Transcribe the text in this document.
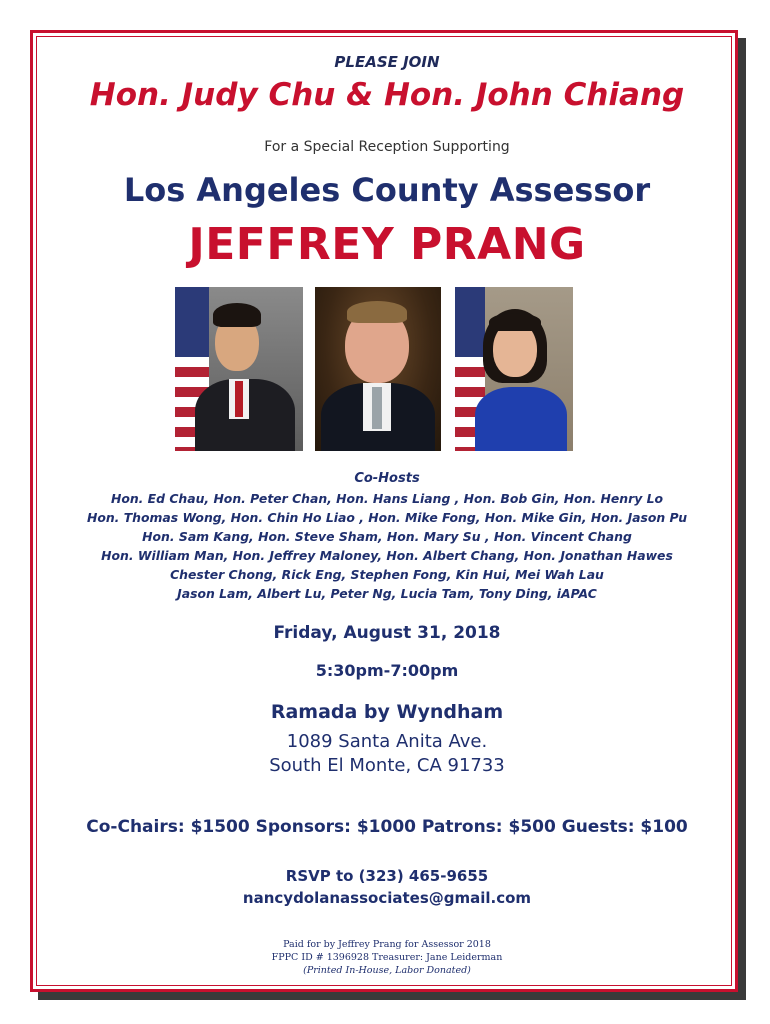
PLEASE JOIN
Hon. Judy Chu & Hon. John Chiang
For a Special Reception Supporting
Los Angeles County Assessor
JEFFREY PRANG
Co-Hosts
Hon. Ed Chau, Hon. Peter Chan, Hon. Hans Liang , Hon. Bob Gin, Hon. Henry Lo
Hon. Thomas Wong, Hon. Chin Ho Liao , Hon. Mike Fong, Hon. Mike Gin, Hon. Jason Pu
Hon. Sam Kang, Hon. Steve Sham, Hon. Mary Su , Hon. Vincent Chang
Hon. William Man, Hon. Jeffrey Maloney, Hon. Albert Chang, Hon. Jonathan Hawes
Chester Chong, Rick Eng, Stephen Fong, Kin Hui, Mei Wah Lau
Jason Lam, Albert Lu, Peter Ng, Lucia Tam, Tony Ding, iAPAC
Friday, August 31, 2018
5:30pm-7:00pm
Ramada by Wyndham
1089 Santa Anita Ave.
South El Monte, CA 91733
Co-Chairs: $1500 Sponsors: $1000 Patrons: $500 Guests: $100
RSVP to (323) 465-9655
nancydolanassociates@gmail.com
Paid for by Jeffrey Prang for Assessor 2018
FPPC ID # 1396928 Treasurer: Jane Leiderman
(Printed In-House, Labor Donated)
